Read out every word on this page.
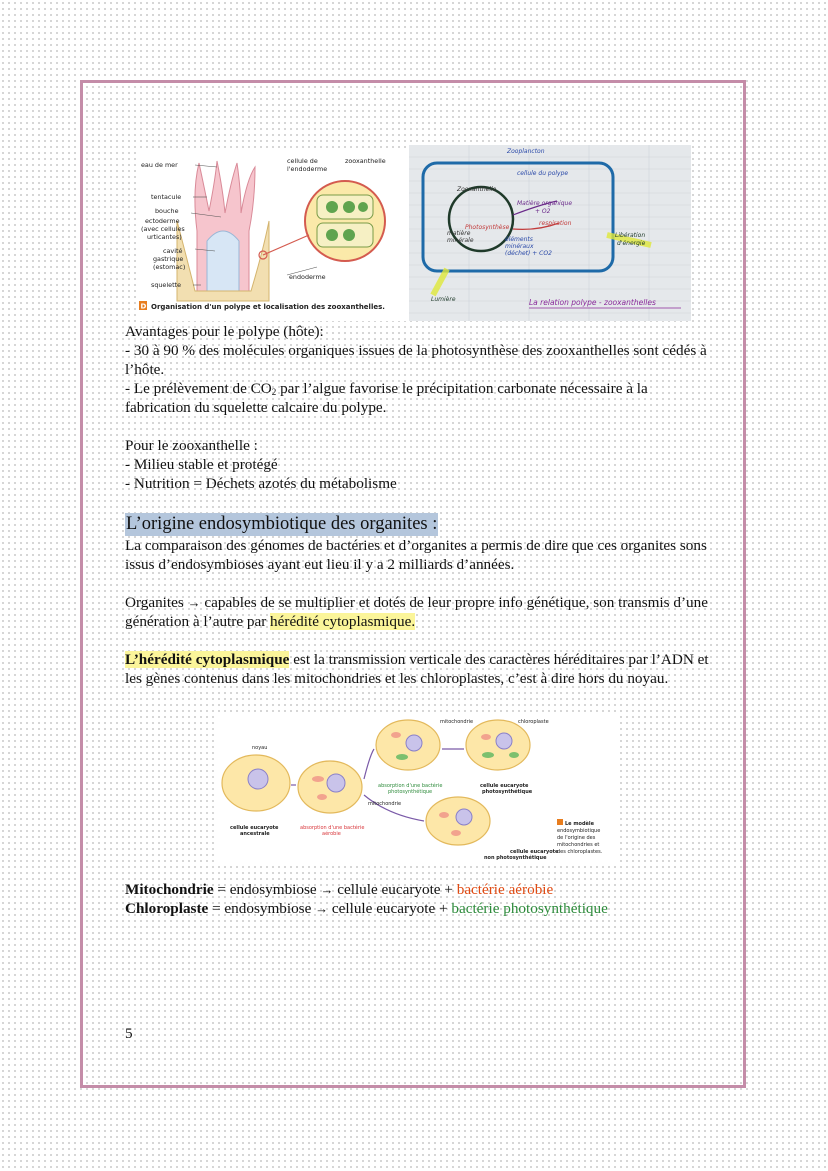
eau de mer
tentacule
bouche
ectoderme
(avec cellules
urticantes)
cavité
gastrique
(estomac)
squelette
cellule de
l'endoderme
zooxanthelle
endoderme
D Organisation d'un polype et localisation des zooxanthelles.
Zooplancton
cellule du polype
Zooxanthelle
Matière organique
+ O2
respiration
Photosynthèse
matière
minérale	éléments
minéraux
(déchet) + CO2
Libération
d'énergie
Lumière	La relation polype - zooxanthelles

Avantages pour le polype (hôte):

- 30 à 90 % des molécules organiques issues de la photosynthèse des zooxanthelles sont cédés à l’hôte.

- Le prélèvement de $CO_2$ par l’algue favorise le précipitation carbonate nécessaire à la fabrication du squelette calcaire du polype.

Pour le zooxanthelle :

- Milieu stable et protégé

- Nutrition = Déchets azotés du métabolisme

L’origine endosymbiotique des organites :

La comparaison des génomes de bactéries et d’organites a permis de dire que ces organites sons issus d’endosymbioses ayant eut lieu il y a 2 milliards d’années.

Organites → capables de se multiplier et dotés de leur propre info génétique, son transmis d’une génération à l’autre par hérédité cytoplasmique.

L’hérédité cytoplasmique est la transmission verticale des caractères héréditaires par l’ADN et les gènes contenus dans les mitochondries et les chloroplastes, c’est à dire hors du noyau.

noyau
mitochondrie	chloroplaste
mitochondrie
cellule eucaryote
ancestrale
absorption d'une bactérie
aérobie
absorption d'une bactérie
photosynthétique
cellule eucaryote
photosynthétique
cellule eucaryote
non photosynthétique
Le modèle
endosymbiotique
de l'origine des
mitochondries et
des chloroplastes.

Mitochondrie = endosymbiose → cellule eucaryote + bactérie aérobie

Chloroplaste = endosymbiose → cellule eucaryote + bactérie photosynthétique

5
